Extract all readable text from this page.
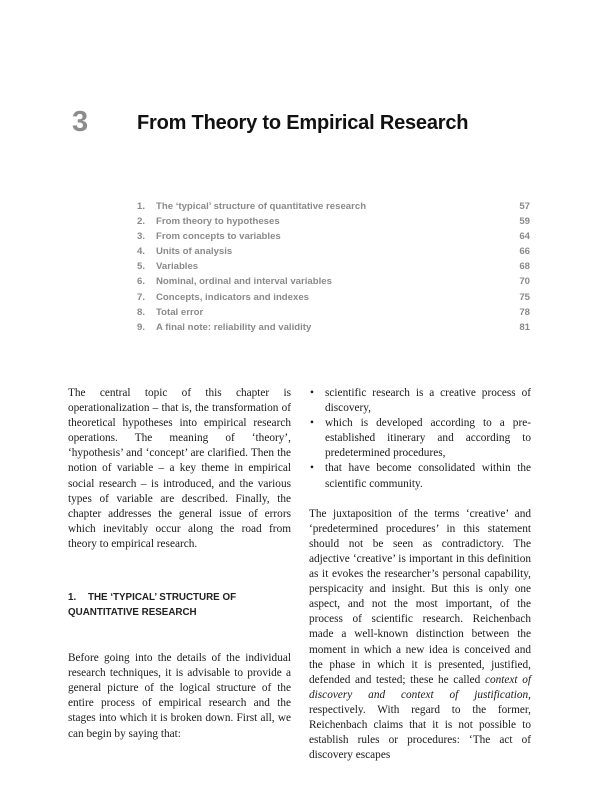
3 From Theory to Empirical Research
1. The ‘typical’ structure of quantitative research	57
2. From theory to hypotheses	59
3. From concepts to variables	64
4. Units of analysis	66
5. Variables	68
6. Nominal, ordinal and interval variables	70
7. Concepts, indicators and indexes	75
8. Total error	78
9. A final note: reliability and validity	81

The central topic of this chapter is operationalization – that is, the transformation of theoretical hypotheses into empirical research operations. The meaning of ‘theory’, ‘hypothesis’ and ‘concept’ are clarified. Then the notion of variable – a key theme in empirical social research – is introduced, and the various types of variable are described. Finally, the chapter addresses the general issue of errors which inevitably occur along the road from theory to empirical research.

1. THE ‘TYPICAL’ STRUCTURE OF QUANTITATIVE RESEARCH

Before going into the details of the individual research techniques, it is advisable to provide a general picture of the logical structure of the entire process of empirical research and the stages into which it is broken down. First all, we can begin by saying that:

• scientific research is a creative process of discovery,
• which is developed according to a pre-established itinerary and according to predetermined procedures,
• that have become consolidated within the scientific community.

The juxtaposition of the terms ‘creative’ and ‘predetermined procedures’ in this statement should not be seen as contradictory. The adjective ‘creative’ is important in this definition as it evokes the researcher’s personal capability, perspicacity and insight. But this is only one aspect, and not the most important, of the process of scientific research. Reichenbach made a well-known distinction between the moment in which a new idea is conceived and the phase in which it is presented, justified, defended and tested; these he called context of discovery and context of justification, respectively. With regard to the former, Reichenbach claims that it is not possible to establish rules or procedures: ‘The act of discovery escapes
